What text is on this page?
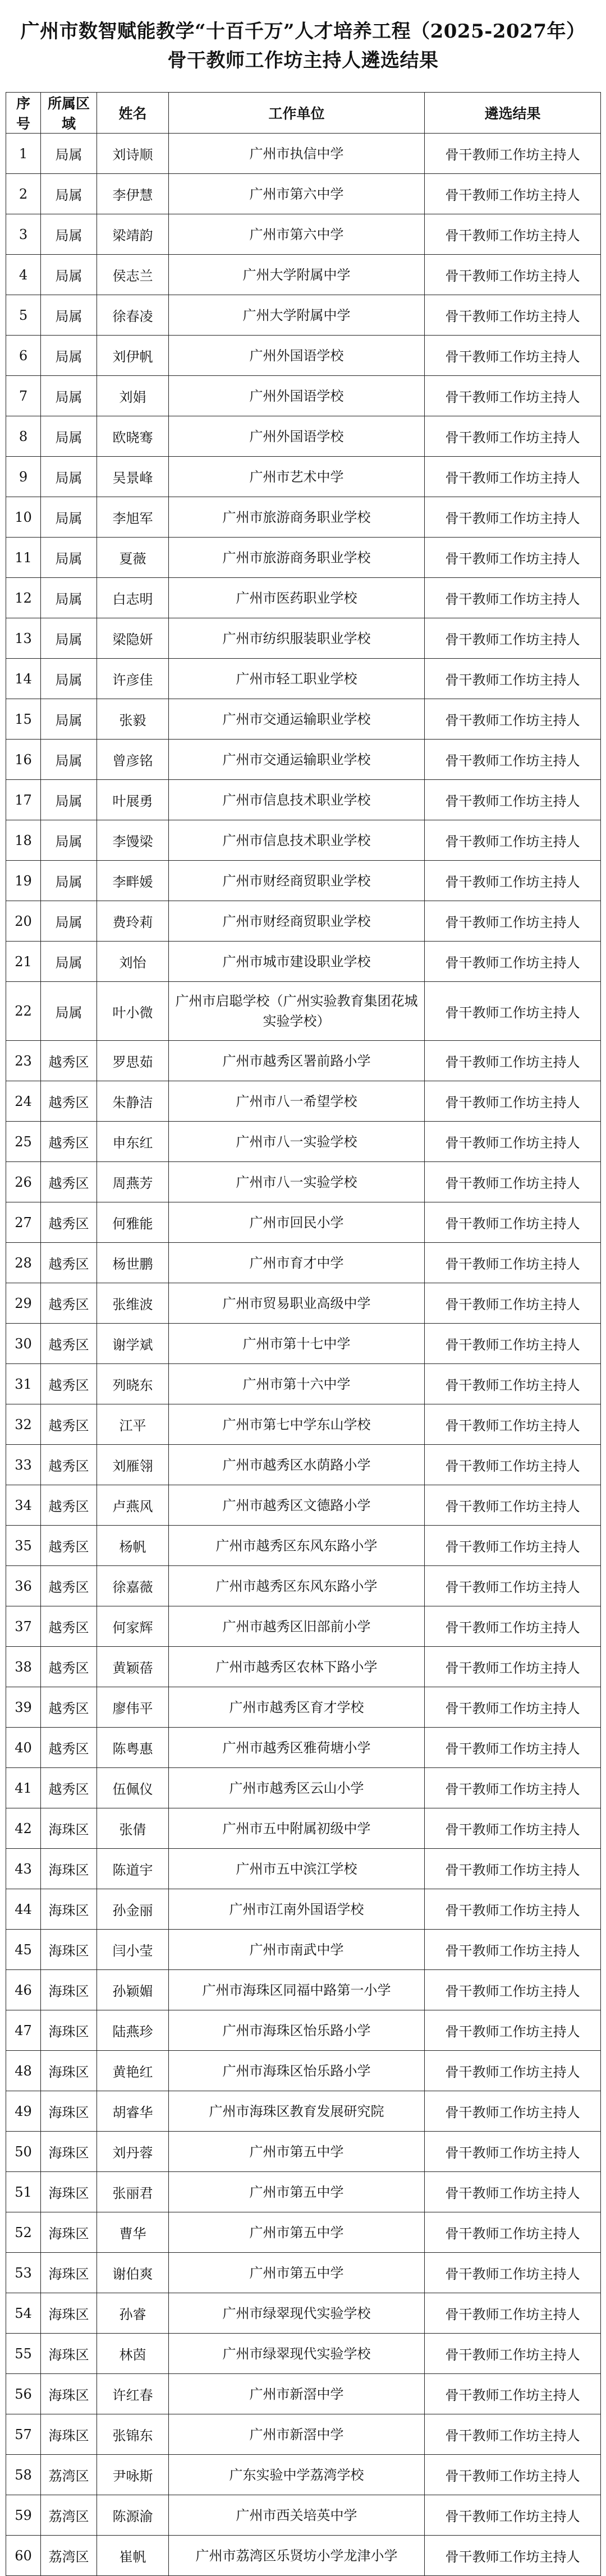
广州市数智赋能教学“十百千万”人才培养工程（2025-2027年）
骨干教师工作坊主持人遴选结果
序号	所属区域	姓名	工作单位	遴选结果
1	局属	刘诗顺	广州市执信中学	骨干教师工作坊主持人
2	局属	李伊慧	广州市第六中学	骨干教师工作坊主持人
3	局属	梁靖韵	广州市第六中学	骨干教师工作坊主持人
4	局属	侯志兰	广州大学附属中学	骨干教师工作坊主持人
5	局属	徐春凌	广州大学附属中学	骨干教师工作坊主持人
6	局属	刘伊帆	广州外国语学校	骨干教师工作坊主持人
7	局属	刘娟	广州外国语学校	骨干教师工作坊主持人
8	局属	欧晓骞	广州外国语学校	骨干教师工作坊主持人
9	局属	吴景峰	广州市艺术中学	骨干教师工作坊主持人
10	局属	李旭军	广州市旅游商务职业学校	骨干教师工作坊主持人
11	局属	夏薇	广州市旅游商务职业学校	骨干教师工作坊主持人
12	局属	白志明	广州市医药职业学校	骨干教师工作坊主持人
13	局属	梁隐妍	广州市纺织服装职业学校	骨干教师工作坊主持人
14	局属	许彦佳	广州市轻工职业学校	骨干教师工作坊主持人
15	局属	张毅	广州市交通运输职业学校	骨干教师工作坊主持人
16	局属	曾彦铭	广州市交通运输职业学校	骨干教师工作坊主持人
17	局属	叶展勇	广州市信息技术职业学校	骨干教师工作坊主持人
18	局属	李馒梁	广州市信息技术职业学校	骨干教师工作坊主持人
19	局属	李畔媛	广州市财经商贸职业学校	骨干教师工作坊主持人
20	局属	费玲莉	广州市财经商贸职业学校	骨干教师工作坊主持人
21	局属	刘怡	广州市城市建设职业学校	骨干教师工作坊主持人
22	局属	叶小微	广州市启聪学校（广州实验教育集团花城实验学校）	骨干教师工作坊主持人
23	越秀区	罗思茹	广州市越秀区署前路小学	骨干教师工作坊主持人
24	越秀区	朱静洁	广州市八一希望学校	骨干教师工作坊主持人
25	越秀区	申东红	广州市八一实验学校	骨干教师工作坊主持人
26	越秀区	周燕芳	广州市八一实验学校	骨干教师工作坊主持人
27	越秀区	何雅能	广州市回民小学	骨干教师工作坊主持人
28	越秀区	杨世鹏	广州市育才中学	骨干教师工作坊主持人
29	越秀区	张维波	广州市贸易职业高级中学	骨干教师工作坊主持人
30	越秀区	谢学斌	广州市第十七中学	骨干教师工作坊主持人
31	越秀区	列晓东	广州市第十六中学	骨干教师工作坊主持人
32	越秀区	江平	广州市第七中学东山学校	骨干教师工作坊主持人
33	越秀区	刘雁翎	广州市越秀区水荫路小学	骨干教师工作坊主持人
34	越秀区	卢燕风	广州市越秀区文德路小学	骨干教师工作坊主持人
35	越秀区	杨帆	广州市越秀区东风东路小学	骨干教师工作坊主持人
36	越秀区	徐嘉薇	广州市越秀区东风东路小学	骨干教师工作坊主持人
37	越秀区	何家辉	广州市越秀区旧部前小学	骨干教师工作坊主持人
38	越秀区	黄颖蓓	广州市越秀区农林下路小学	骨干教师工作坊主持人
39	越秀区	廖伟平	广州市越秀区育才学校	骨干教师工作坊主持人
40	越秀区	陈粤惠	广州市越秀区雅荷塘小学	骨干教师工作坊主持人
41	越秀区	伍佩仪	广州市越秀区云山小学	骨干教师工作坊主持人
42	海珠区	张倩	广州市五中附属初级中学	骨干教师工作坊主持人
43	海珠区	陈道宇	广州市五中滨江学校	骨干教师工作坊主持人
44	海珠区	孙金丽	广州市江南外国语学校	骨干教师工作坊主持人
45	海珠区	闫小莹	广州市南武中学	骨干教师工作坊主持人
46	海珠区	孙颖媚	广州市海珠区同福中路第一小学	骨干教师工作坊主持人
47	海珠区	陆燕珍	广州市海珠区怡乐路小学	骨干教师工作坊主持人
48	海珠区	黄艳红	广州市海珠区怡乐路小学	骨干教师工作坊主持人
49	海珠区	胡睿华	广州市海珠区教育发展研究院	骨干教师工作坊主持人
50	海珠区	刘丹蓉	广州市第五中学	骨干教师工作坊主持人
51	海珠区	张丽君	广州市第五中学	骨干教师工作坊主持人
52	海珠区	曹华	广州市第五中学	骨干教师工作坊主持人
53	海珠区	谢伯爽	广州市第五中学	骨干教师工作坊主持人
54	海珠区	孙睿	广州市绿翠现代实验学校	骨干教师工作坊主持人
55	海珠区	林茵	广州市绿翠现代实验学校	骨干教师工作坊主持人
56	海珠区	许红春	广州市新滘中学	骨干教师工作坊主持人
57	海珠区	张锦东	广州市新滘中学	骨干教师工作坊主持人
58	荔湾区	尹咏斯	广东实验中学荔湾学校	骨干教师工作坊主持人
59	荔湾区	陈源渝	广州市西关培英中学	骨干教师工作坊主持人
60	荔湾区	崔帆	广州市荔湾区乐贤坊小学龙津小学	骨干教师工作坊主持人
